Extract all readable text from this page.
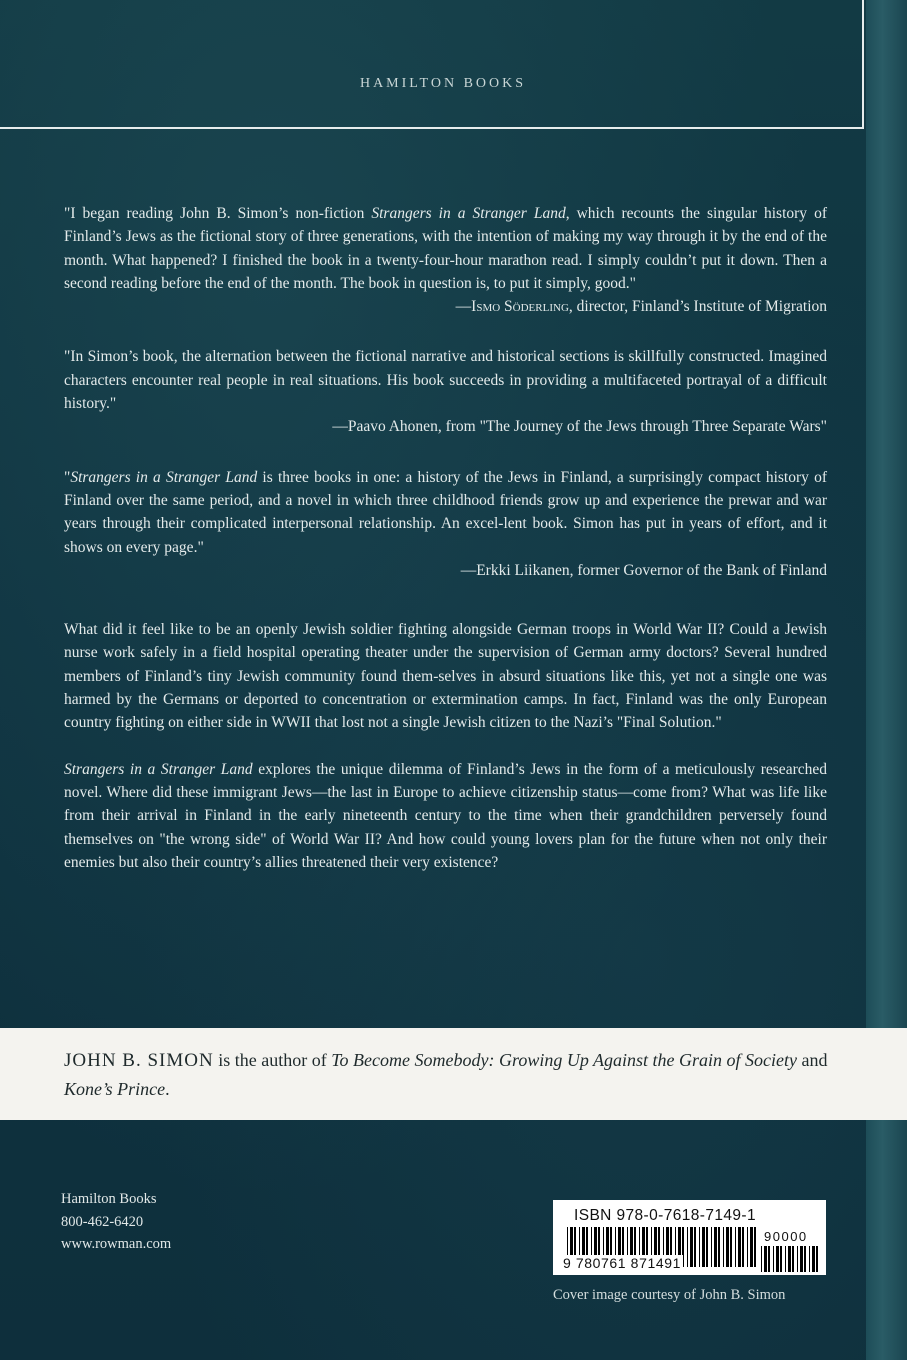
HAMILTON BOOKS
"I began reading John B. Simon’s non-fiction Strangers in a Stranger Land, which recounts the singular history of Finland’s Jews as the fictional story of three generations, with the intention of making my way through it by the end of the month. What happened? I finished the book in a twenty-four-hour marathon read. I simply couldn’t put it down. Then a second reading before the end of the month. The book in question is, to put it simply, good."
—Ismo Söderling, director, Finland’s Institute of Migration
"In Simon’s book, the alternation between the fictional narrative and historical sections is skillfully constructed. Imagined characters encounter real people in real situations. His book succeeds in providing a multifaceted portrayal of a difficult history."
—Paavo Ahonen, from "The Journey of the Jews through Three Separate Wars"
"Strangers in a Stranger Land is three books in one: a history of the Jews in Finland, a surprisingly compact history of Finland over the same period, and a novel in which three childhood friends grow up and experience the prewar and war years through their complicated interpersonal relationship. An excel-lent book. Simon has put in years of effort, and it shows on every page."
—Erkki Liikanen, former Governor of the Bank of Finland

What did it feel like to be an openly Jewish soldier fighting alongside German troops in World War II? Could a Jewish nurse work safely in a field hospital operating theater under the supervision of German army doctors? Several hundred members of Finland’s tiny Jewish community found them-selves in absurd situations like this, yet not a single one was harmed by the Germans or deported to concentration or extermination camps. In fact, Finland was the only European country fighting on either side in WWII that lost not a single Jewish citizen to the Nazi’s "Final Solution."

Strangers in a Stranger Land explores the unique dilemma of Finland’s Jews in the form of a meticulously researched novel. Where did these immigrant Jews—the last in Europe to achieve citizenship status—come from? What was life like from their arrival in Finland in the early nineteenth century to the time when their grandchildren perversely found themselves on "the wrong side" of World War II? And how could young lovers plan for the future when not only their enemies but also their country’s allies threatened their very existence?

JOHN B. SIMON is the author of To Become Somebody: Growing Up Against the Grain of Society and Kone’s Prince.
Hamilton Books
800-462-6420
www.rowman.com
ISBN 978-0-7618-7149-1
90000
9 780761 871491
Cover image courtesy of John B. Simon
